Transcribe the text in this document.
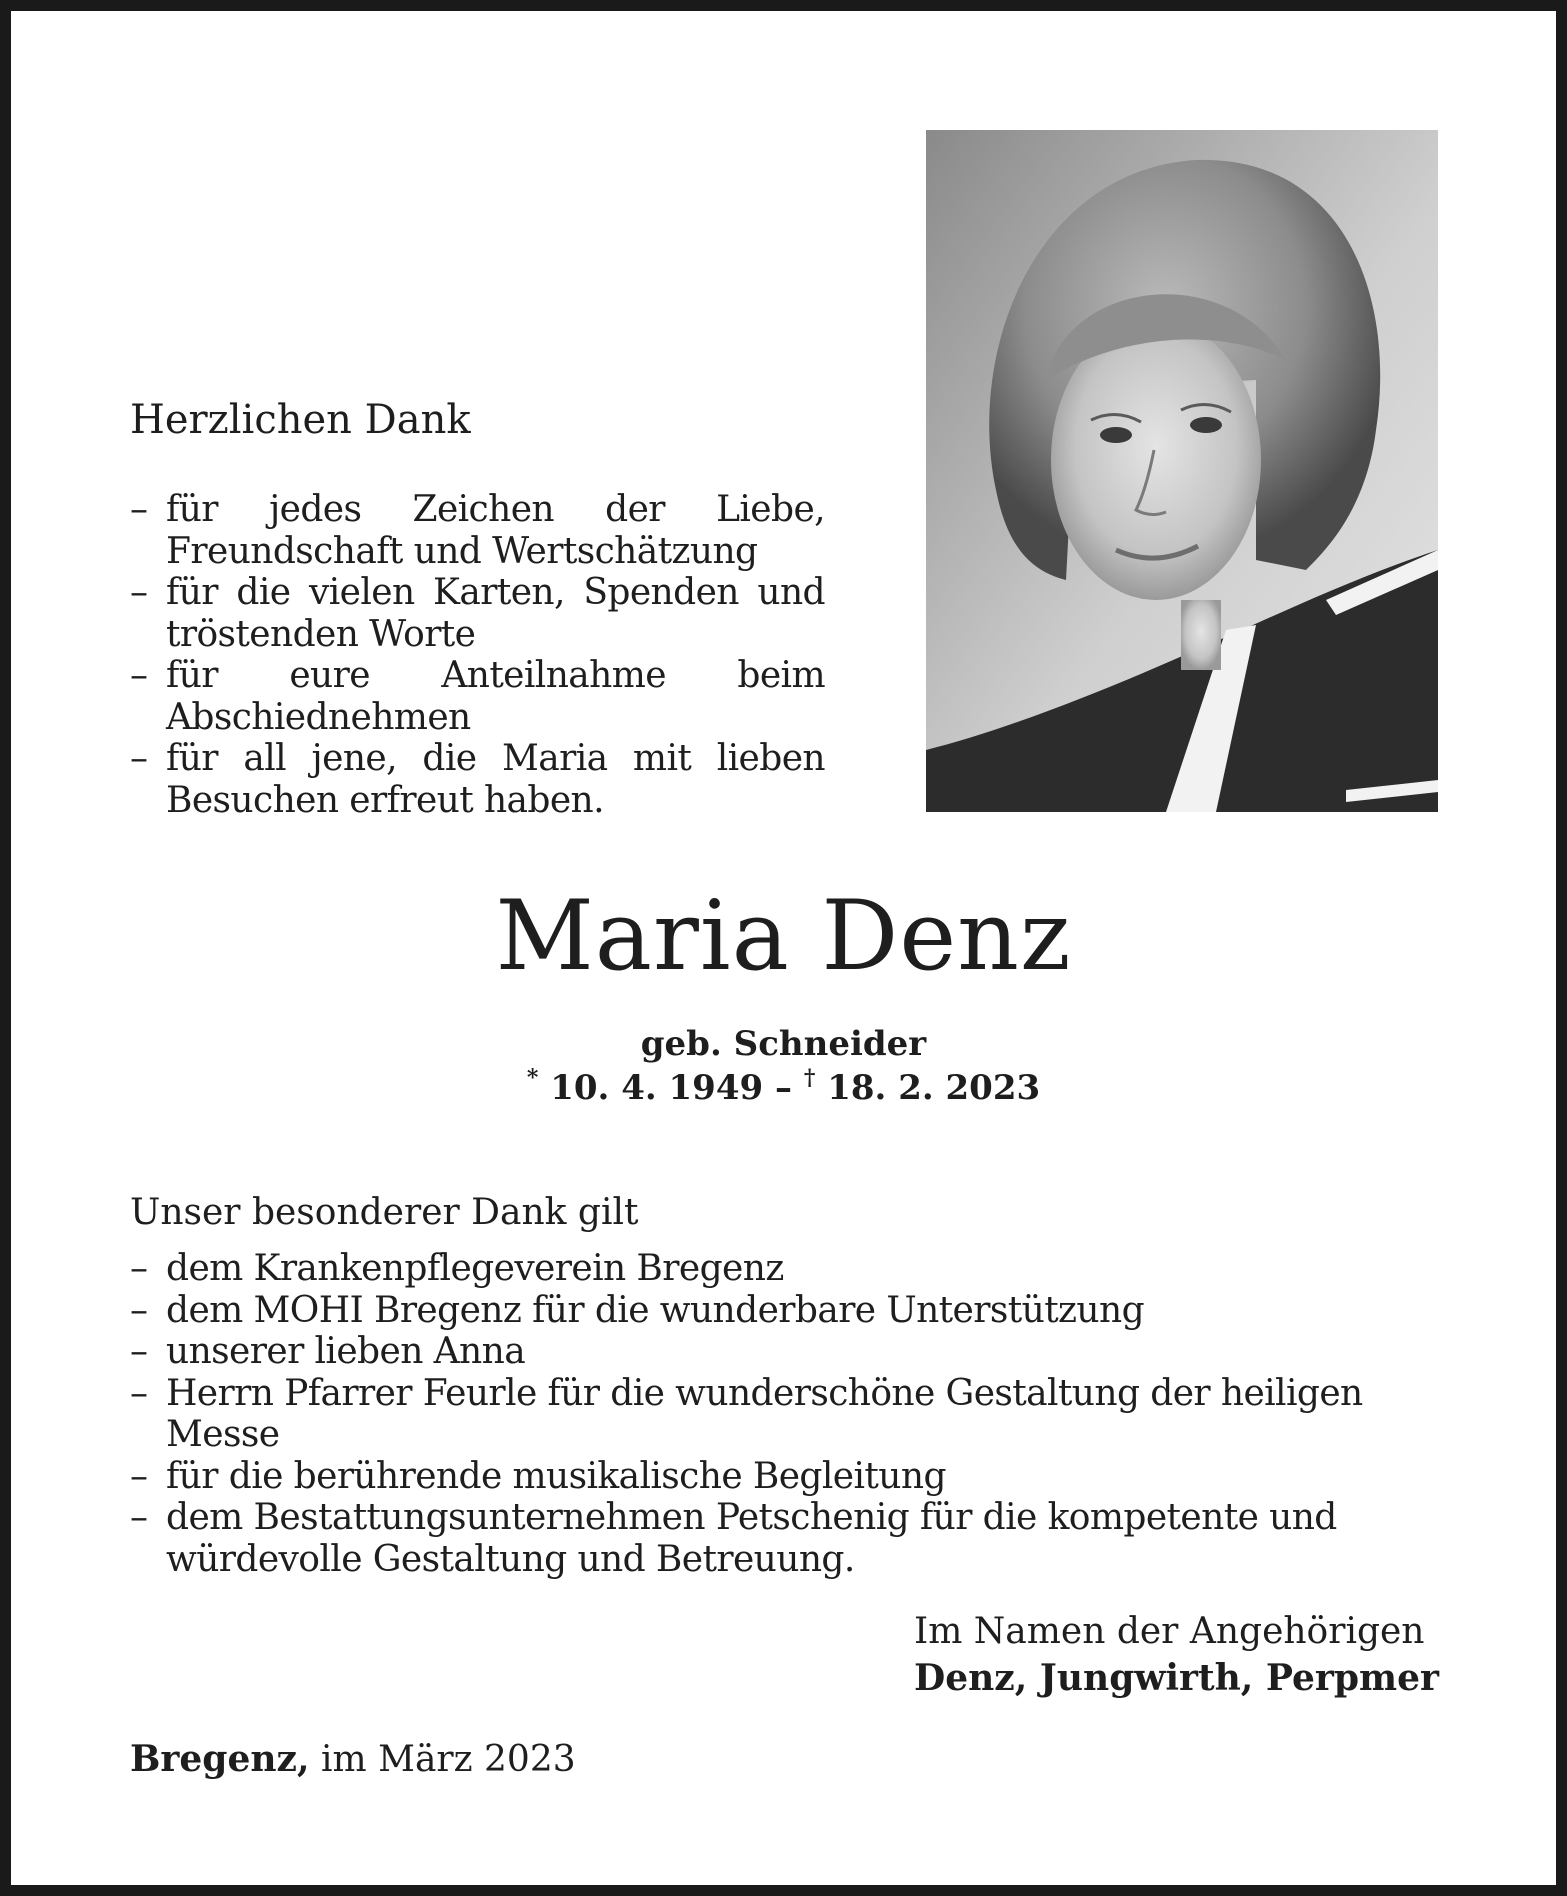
Herzlichen Dank
– für jedes Zeichen der Liebe, Freundschaft und Wertschätzung
– für die vielen Karten, Spenden und tröstenden Worte
– für eure Anteilnahme beim Abschiednehmen
– für all jene, die Maria mit lieben Besuchen erfreut haben.
Maria Denz
geb. Schneider
* 10. 4. 1949 – † 18. 2. 2023
Unser besonderer Dank gilt
– dem Krankenpflegeverein Bregenz
– dem MOHI Bregenz für die wunderbare Unterstützung
– unserer lieben Anna
– Herrn Pfarrer Feurle für die wunderschöne Gestaltung der heiligen Messe
– für die berührende musikalische Begleitung
– dem Bestattungsunternehmen Petschenig für die kompetente und würdevolle Gestaltung und Betreuung.
Im Namen der Angehörigen
Denz, Jungwirth, Perpmer
Bregenz, im März 2023
